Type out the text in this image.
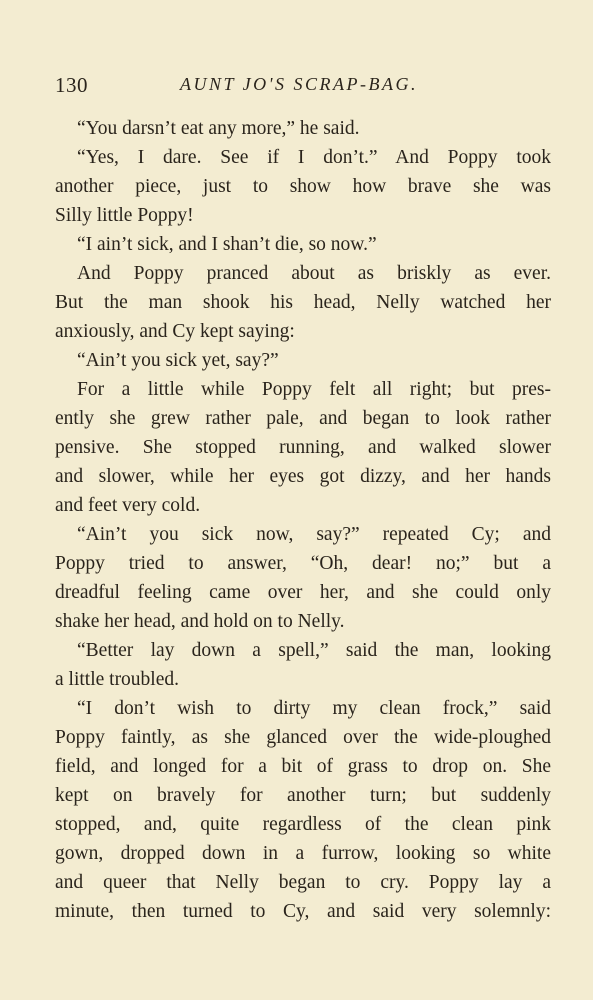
130	AUNT JO'S SCRAP-BAG.
“You darsn’t eat any more,” he said.
“Yes, I dare. See if I don’t.” And Poppy took
another piece, just to show how brave she was
Silly little Poppy!
“I ain’t sick, and I shan’t die, so now.”
And Poppy pranced about as briskly as ever.
But the man shook his head, Nelly watched her
anxiously, and Cy kept saying:
“Ain’t you sick yet, say?”
For a little while Poppy felt all right; but pres-
ently she grew rather pale, and began to look rather
pensive. She stopped running, and walked slower
and slower, while her eyes got dizzy, and her hands
and feet very cold.
“Ain’t you sick now, say?” repeated Cy; and
Poppy tried to answer, “Oh, dear! no;” but a
dreadful feeling came over her, and she could only
shake her head, and hold on to Nelly.
“Better lay down a spell,” said the man, looking
a little troubled.
“I don’t wish to dirty my clean frock,” said
Poppy faintly, as she glanced over the wide-ploughed
field, and longed for a bit of grass to drop on. She
kept on bravely for another turn; but suddenly
stopped, and, quite regardless of the clean pink
gown, dropped down in a furrow, looking so white
and queer that Nelly began to cry. Poppy lay a
minute, then turned to Cy, and said very solemnly:
